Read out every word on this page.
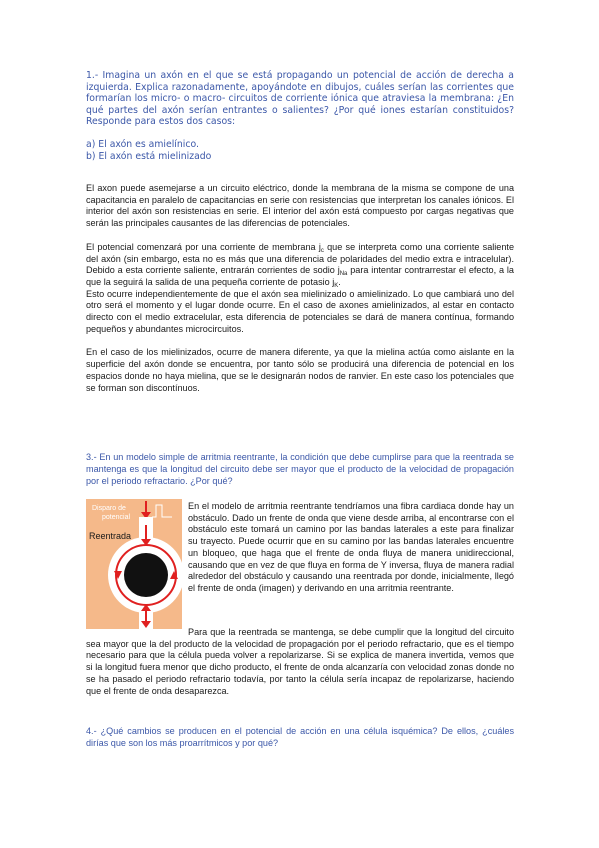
1.- Imagina un axón en el que se está propagando un potencial de acción de derecha a izquierda. Explica razonadamente, apoyándote en dibujos, cuáles serían las corrientes que formarían los micro- o macro- circuitos de corriente iónica que atraviesa la membrana: ¿En qué partes del axón serían entrantes o salientes? ¿Por qué iones estarían constituidos? Responde para estos dos casos:

a) El axón es amielínico.

b) El axón está mielinizado

El axon puede asemejarse a un circuito eléctrico, donde la membrana de la misma se compone de una capacitancia en paralelo de capacitancias en serie con resistencias que interpretan los canales iónicos. El interior del axón son resistencias en serie. El interior del axón está compuesto por cargas negativas que serán las principales causantes de las diferencias de potenciales.

El potencial comenzará por una corriente de membrana $j_c$ que se interpreta como una corriente saliente del axón (sin embargo, esta no es más que una diferencia de polaridades del medio extra e intracelular). Debido a esta corriente saliente, entrarán corrientes de sodio $j_{Na}$ para intentar contrarrestar el efecto, a la que la seguirá la salida de una pequeña corriente de potasio $j_K$.

Esto ocurre independientemente de que el axón sea mielinizado o amielinizado. Lo que cambiará uno del otro será el momento y el lugar donde ocurre. En el caso de axones amielinizados, al estar en contacto directo con el medio extracelular, esta diferencia de potenciales se dará de manera contínua, formando pequeños y abundantes microcircuitos.

En el caso de los mielinizados, ocurre de manera diferente, ya que la mielina actúa como aislante en la superficie del axón donde se encuentra, por tanto sólo se producirá una diferencia de potencial en los espacios donde no haya mielina, que se le designarán nodos de ranvier. En este caso los potenciales que se forman son discontínuos.

3.- En un modelo simple de arritmia reentrante, la condición que debe cumplirse para que la reentrada se mantenga es que la longitud del circuito debe ser mayor que el producto de la velocidad de propagación por el periodo refractario. ¿Por qué?

Disparo de
potencial
Reentrada

En el modelo de arritmia reentrante tendríamos una fibra cardiaca donde hay un obstáculo. Dado un frente de onda que viene desde arriba, al encontrarse con el obstáculo este tomará un camino por las bandas laterales a este para finalizar su trayecto. Puede ocurrir que en su camino por las bandas laterales encuentre un bloqueo, que haga que el frente de onda fluya de manera unidireccional, causando que en vez de que fluya en forma de Y inversa, fluya de manera radial alrededor del obstáculo y causando una reentrada por donde, inicialmente, llegó el frente de onda (imagen) y derivando en una arritmia reentrante.

Para que la reentrada se mantenga, se debe cumplir que la longitud del circuito sea mayor que la del producto de la velocidad de propagación por el periodo refractario, que es el tiempo necesario para que la célula pueda volver a repolarizarse. Si se explica de manera invertida, vemos que si la longitud fuera menor que dicho producto, el frente de onda alcanzaría con velocidad zonas donde no se ha pasado el periodo refractario todavía, por tanto la célula sería incapaz de repolarizarse, haciendo que el frente de onda desaparezca.

4.- ¿Qué cambios se producen en el potencial de acción en una célula isquémica? De ellos, ¿cuáles dirías que son los más proarrítmicos y por qué?
